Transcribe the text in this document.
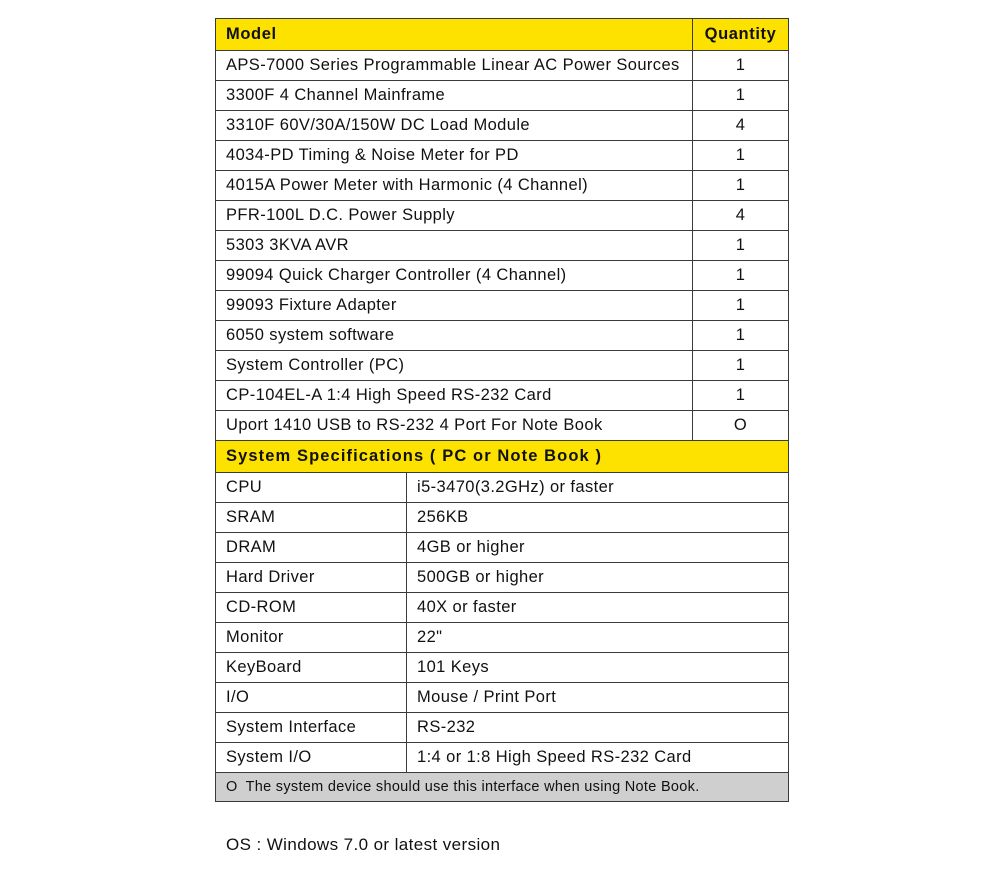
Model		Quantity
APS-7000 Series Programmable Linear AC Power Sources		1
3300F 4 Channel Mainframe		1
3310F 60V/30A/150W DC Load Module		4
4034-PD Timing & Noise Meter for PD		1
4015A Power Meter with Harmonic (4 Channel)		1
PFR-100L D.C. Power Supply		4
5303 3KVA AVR		1
99094 Quick Charger Controller (4 Channel)		1
99093 Fixture Adapter		1
6050 system software		1
System Controller (PC)		1
CP-104EL-A 1:4 High Speed RS-232 Card		1
Uport 1410 USB to RS-232 4 Port For Note Book		O
System Specifications ( PC or Note Book )		
CPU	i5-3470(3.2GHz) or faster	
SRAM	256KB	
DRAM	4GB or higher	
Hard Driver	500GB or higher	
CD-ROM	40X or faster	
Monitor	22"	
KeyBoard	101 Keys	
I/O	Mouse / Print Port	
System Interface	RS-232	
System I/O	1:4 or 1:8 High Speed RS-232 Card	
O The system device should use this interface when using Note Book.		
OS : Windows 7.0 or latest version
